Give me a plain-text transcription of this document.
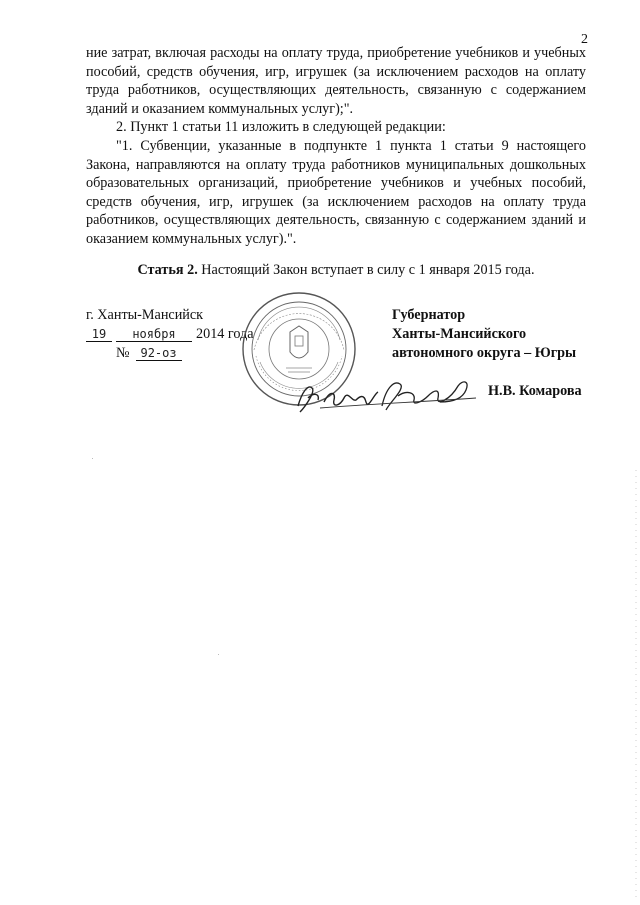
2

ние затрат, включая расходы на оплату труда, приобретение учебников и учебных пособий, средств обучения, игр, игрушек (за исключением расходов на оплату труда работников, осуществляющих деятельность, связанную с содержанием зданий и оказанием коммунальных услуг);".

2. Пункт 1 статьи 11 изложить в следующей редакции:

"1. Субвенции, указанные в подпункте 1 пункта 1 статьи 9 настоящего Закона, направляются на оплату труда работников муниципальных дошкольных образовательных организаций, приобретение учебников и учебных пособий, средств обучения, игр, игрушек (за исключением расходов на оплату труда работников, осуществляющих деятельность, связанную с содержанием зданий и оказанием коммунальных услуг).".

Статья 2. Настоящий Закон вступает в силу с 1 января 2015 года.
г. Ханты-Мансийск
19 ноября 2014 года
№ 92-оз
Губернатор
Ханты-Мансийского
автономного округа – Югры
Н.В. Комарова
